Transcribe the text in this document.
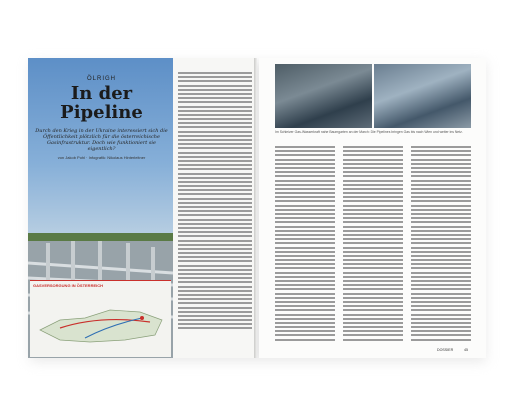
ÖLRIGH
In der Pipeline
Durch den Krieg in der Ukraine interessiert sich die Öffentlichkeit plötzlich für die österreichische Gasinfrastruktur. Doch wie funktioniert sie eigentlich?
von Jakob Pohl · Infografik: Nikolaus Hinterleitner
GASVERSORGUNG IN ÖSTERREICH
Im Schleizer Gas-Wasserkraft nahe Baumgarten an der March: Die Pipelines bringen Gas bis nach Wien und weiter ins Netz.
DOSSIER	45
